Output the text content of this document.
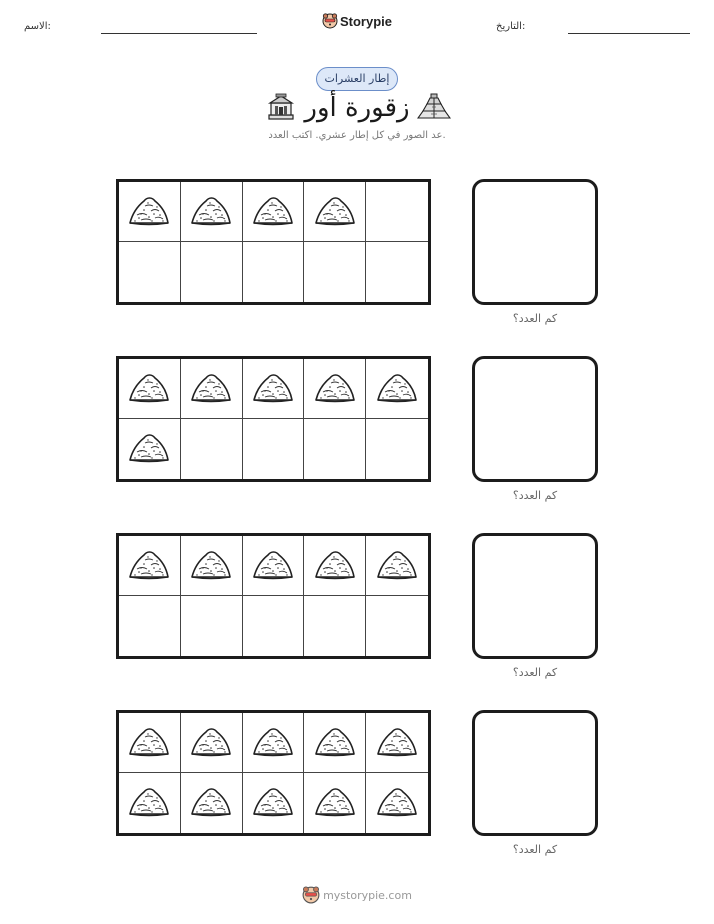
الاسم:	Storypie	التاريخ:
إطار العشرات
زقورة أور
عد الصور في كل إطار عشري. اكتب العدد.
كم العدد؟
كم العدد؟
كم العدد؟
كم العدد؟
mystorypie.com
